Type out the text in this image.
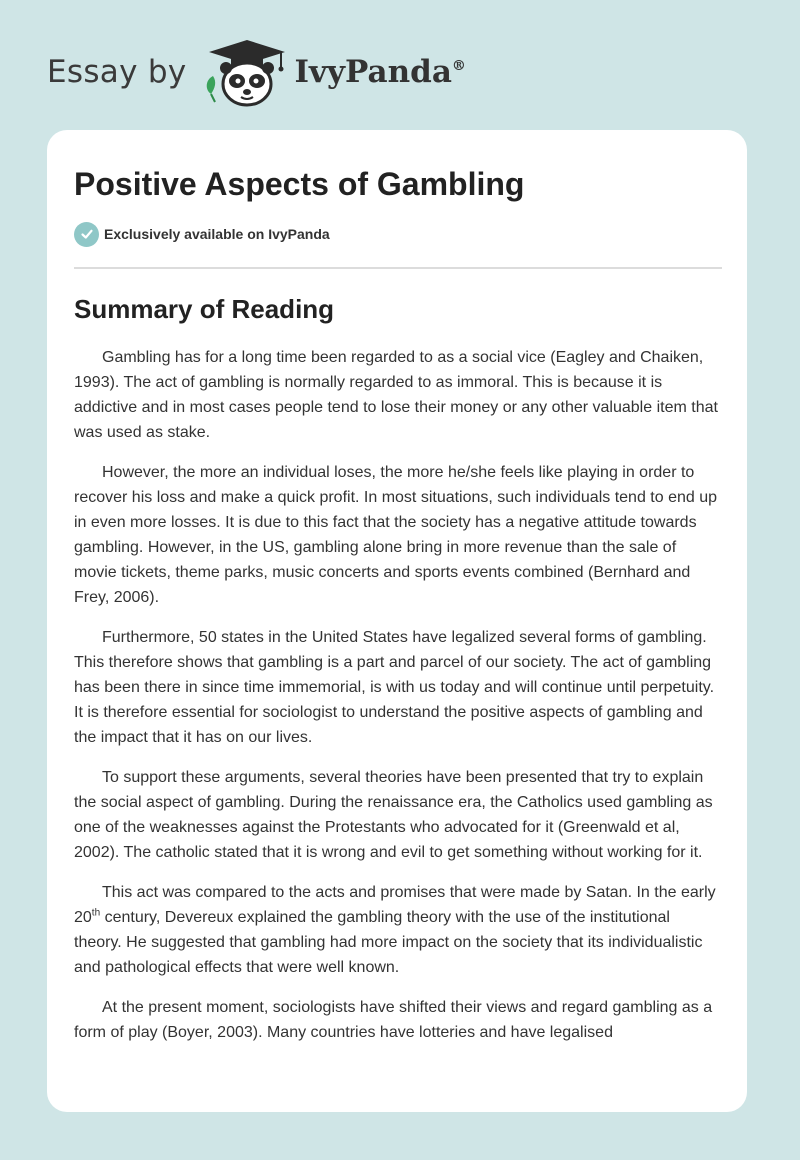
Essay by	IvyPanda®
Positive Aspects of Gambling
Exclusively available on IvyPanda
Summary of Reading

Gambling has for a long time been regarded to as a social vice (Eagley and Chaiken, 1993). The act of gambling is normally regarded to as immoral. This is because it is addictive and in most cases people tend to lose their money or any other valuable item that was used as stake.

However, the more an individual loses, the more he/she feels like playing in order to recover his loss and make a quick profit. In most situations, such individuals tend to end up in even more losses. It is due to this fact that the society has a negative attitude towards gambling. However, in the US, gambling alone bring in more revenue than the sale of movie tickets, theme parks, music concerts and sports events combined (Bernhard and Frey, 2006).

Furthermore, 50 states in the United States have legalized several forms of gambling. This therefore shows that gambling is a part and parcel of our society. The act of gambling has been there in since time immemorial, is with us today and will continue until perpetuity. It is therefore essential for sociologist to understand the positive aspects of gambling and the impact that it has on our lives.

To support these arguments, several theories have been presented that try to explain the social aspect of gambling. During the renaissance era, the Catholics used gambling as one of the weaknesses against the Protestants who advocated for it (Greenwald et al, 2002). The catholic stated that it is wrong and evil to get something without working for it.

This act was compared to the acts and promises that were made by Satan. In the early 20th century, Devereux explained the gambling theory with the use of the institutional theory. He suggested that gambling had more impact on the society that its individualistic and pathological effects that were well known.

At the present moment, sociologists have shifted their views and regard gambling as a form of play (Boyer, 2003). Many countries have lotteries and have legalised
